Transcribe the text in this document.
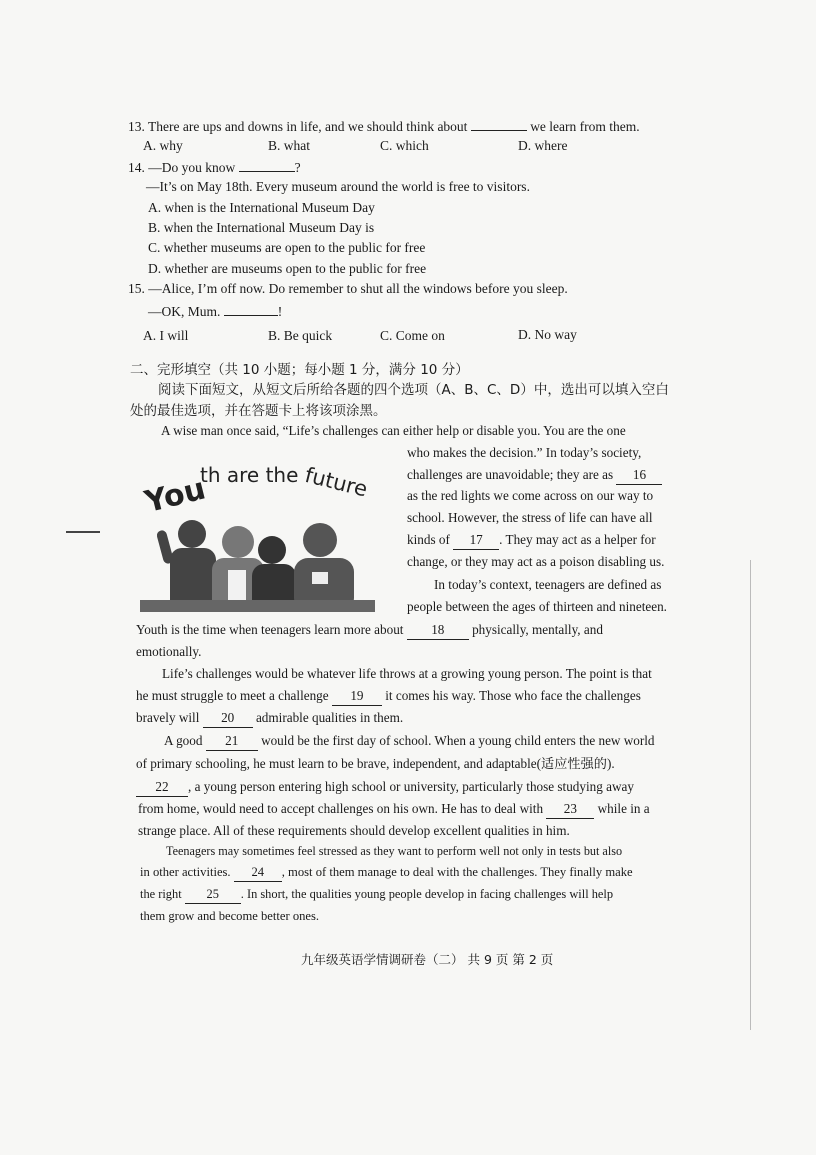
13. There are ups and downs in life, and we should think about	we learn from them.
A. why	B. what	C. which	D. where
14. —Do you know	?
—It’s on May 18th. Every museum around the world is free to visitors.
A. when is the International Museum Day
B. when the International Museum Day is
C. whether museums are open to the public for free
D. whether are museums open to the public for free
15. —Alice, I’m off now. Do remember to shut all the windows before you sleep.
—OK, Mum.	!
A. I will	B. Be quick	C. Come on	D. No way
二、完形填空（共 10 小题；每小题 1 分，满分 10 分）
阅读下面短文，从短文后所给各题的四个选项（A、B、C、D）中，选出可以填入空白
处的最佳选项，并在答题卡上将该项涂黑。
A wise man once said, “Life’s challenges can either help or disable you. You are the one
You
th are the future
who makes the decision.” In today’s society,
challenges are unavoidable; they are as 16
as the red lights we come across on our way to
school. However, the stress of life can have all
kinds of 17 . They may act as a helper for
change, or they may act as a poison disabling us.
In today’s context, teenagers are defined as
people between the ages of thirteen and nineteen.
Youth is the time when teenagers learn more about 18 physically, mentally, and
emotionally.
Life’s challenges would be whatever life throws at a growing young person. The point is that
he must struggle to meet a challenge 19 it comes his way. Those who face the challenges
bravely will 20 admirable qualities in them.
A good 21 would be the first day of school. When a young child enters the new world
of primary schooling, he must learn to be brave, independent, and adaptable(适应性强的).
22 , a young person entering high school or university, particularly those studying away
from home, would need to accept challenges on his own. He has to deal with 23 while in a
strange place. All of these requirements should develop excellent qualities in him.
Teenagers may sometimes feel stressed as they want to perform well not only in tests but also
in other activities. 24 , most of them manage to deal with the challenges. They finally make
the right 25 . In short, the qualities young people develop in facing challenges will help
them grow and become better ones.
九年级英语学情调研卷（二） 共 9 页 第 2 页
